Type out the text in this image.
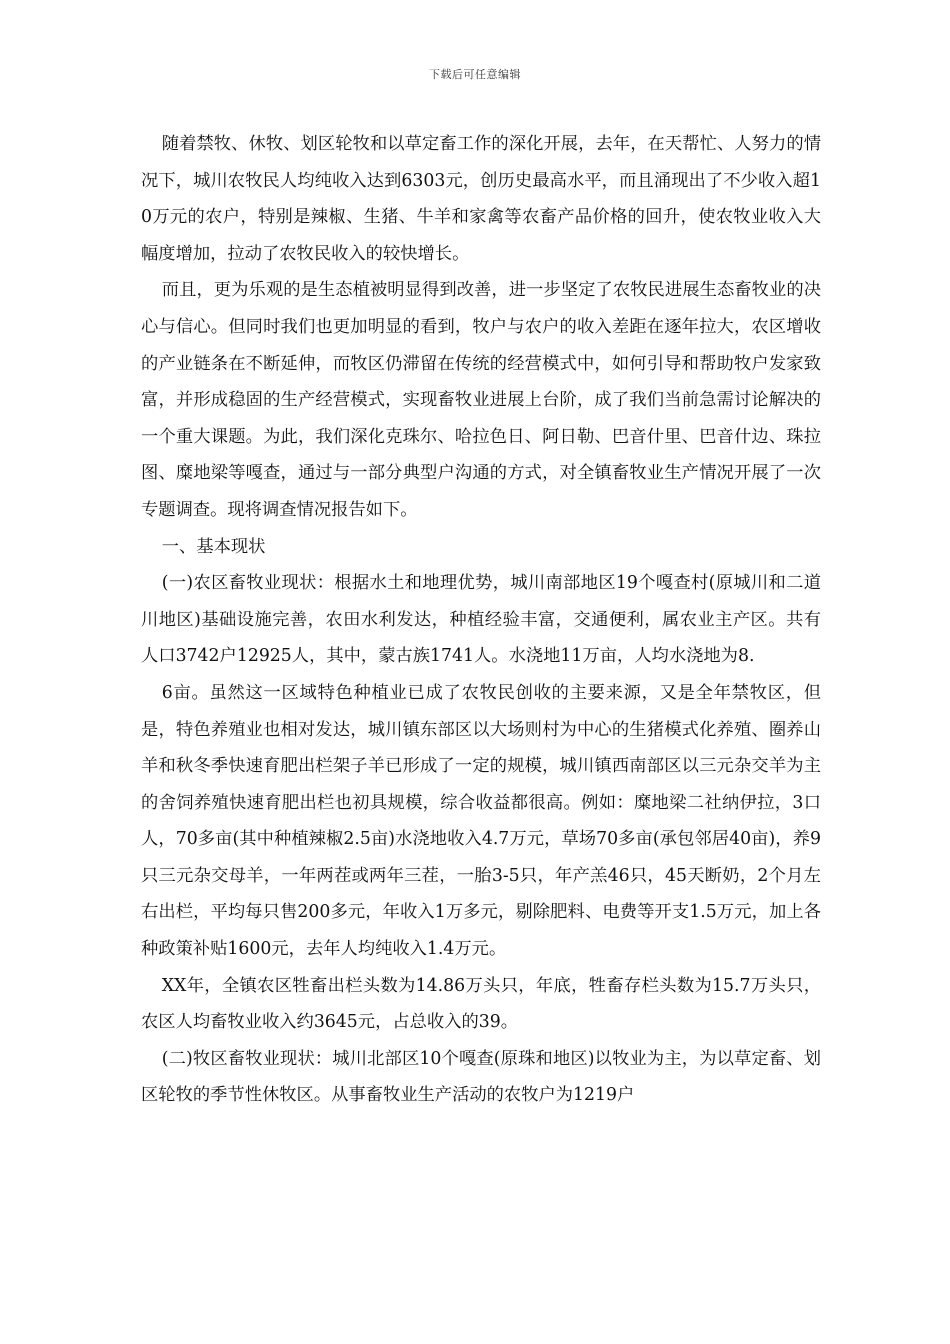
下载后可任意编辑

随着禁牧、休牧、划区轮牧和以草定畜工作的深化开展，去年，在天帮忙、人努力的情况下，城川农牧民人均纯收入达到6303元，创历史最高水平，而且涌现出了不少收入超10万元的农户，特别是辣椒、生猪、牛羊和家禽等农畜产品价格的回升，使农牧业收入大幅度增加，拉动了农牧民收入的较快增长。

而且，更为乐观的是生态植被明显得到改善，进一步坚定了农牧民进展生态畜牧业的决心与信心。但同时我们也更加明显的看到，牧户与农户的收入差距在逐年拉大，农区增收的产业链条在不断延伸，而牧区仍滞留在传统的经营模式中，如何引导和帮助牧户发家致富，并形成稳固的生产经营模式，实现畜牧业进展上台阶，成了我们当前急需讨论解决的一个重大课题。为此，我们深化克珠尔、哈拉色日、阿日勒、巴音什里、巴音什边、珠拉图、糜地梁等嘎查，通过与一部分典型户沟通的方式，对全镇畜牧业生产情况开展了一次专题调查。现将调查情况报告如下。

一、基本现状

(一)农区畜牧业现状：根据水土和地理优势，城川南部地区19个嘎查村(原城川和二道川地区)基础设施完善，农田水利发达，种植经验丰富，交通便利，属农业主产区。共有人口3742户12925人，其中，蒙古族1741人。水浇地11万亩，人均水浇地为8.

6亩。虽然这一区域特色种植业已成了农牧民创收的主要来源，又是全年禁牧区，但是，特色养殖业也相对发达，城川镇东部区以大场则村为中心的生猪模式化养殖、圈养山羊和秋冬季快速育肥出栏架子羊已形成了一定的规模，城川镇西南部区以三元杂交羊为主的舍饲养殖快速育肥出栏也初具规模，综合收益都很高。例如：糜地梁二社纳伊拉，3口人，70多亩(其中种植辣椒2.5亩)水浇地收入4.7万元，草场70多亩(承包邻居40亩)，养9只三元杂交母羊，一年两茬或两年三茬，一胎3-5只，年产羔46只，45天断奶，2个月左右出栏，平均每只售200多元，年收入1万多元，剔除肥料、电费等开支1.5万元，加上各种政策补贴1600元，去年人均纯收入1.4万元。

XX年，全镇农区牲畜出栏头数为14.86万头只，年底，牲畜存栏头数为15.7万头只，农区人均畜牧业收入约3645元，占总收入的39。

(二)牧区畜牧业现状：城川北部区10个嘎查(原珠和地区)以牧业为主，为以草定畜、划区轮牧的季节性休牧区。从事畜牧业生产活动的农牧户为1219户
